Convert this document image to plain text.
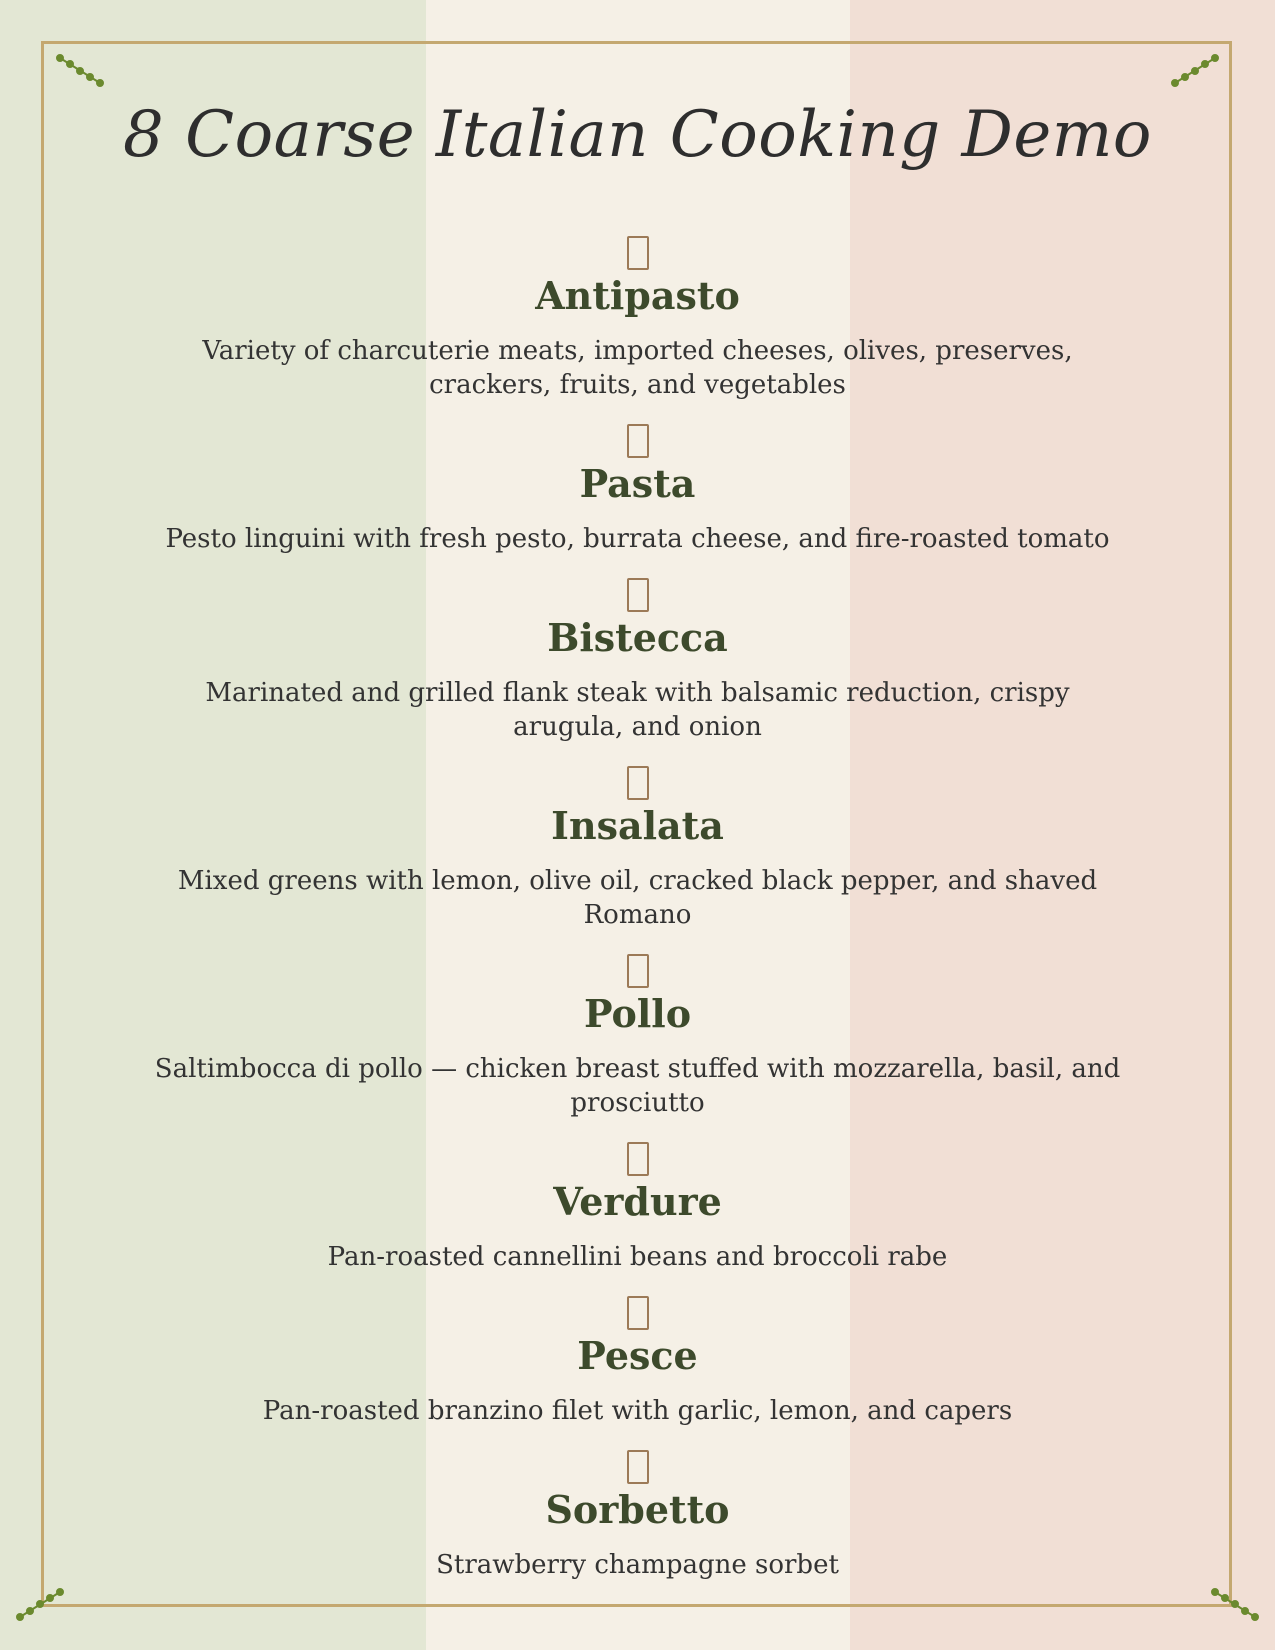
8 Coarse Italian Cooking Demo
Antipasto
Variety of charcuterie meats, imported cheeses, olives, preserves, crackers, fruits, and vegetables
Pasta
Pesto linguini with fresh pesto, burrata cheese, and fire-roasted tomato
Bistecca
Marinated and grilled flank steak with balsamic reduction, crispy arugula, and onion
Insalata
Mixed greens with lemon, olive oil, cracked black pepper, and shaved Romano
Pollo
Saltimbocca di pollo — chicken breast stuffed with mozzarella, basil, and prosciutto
Verdure
Pan-roasted cannellini beans and broccoli rabe
Pesce
Pan-roasted branzino filet with garlic, lemon, and capers
Sorbetto
Strawberry champagne sorbet
